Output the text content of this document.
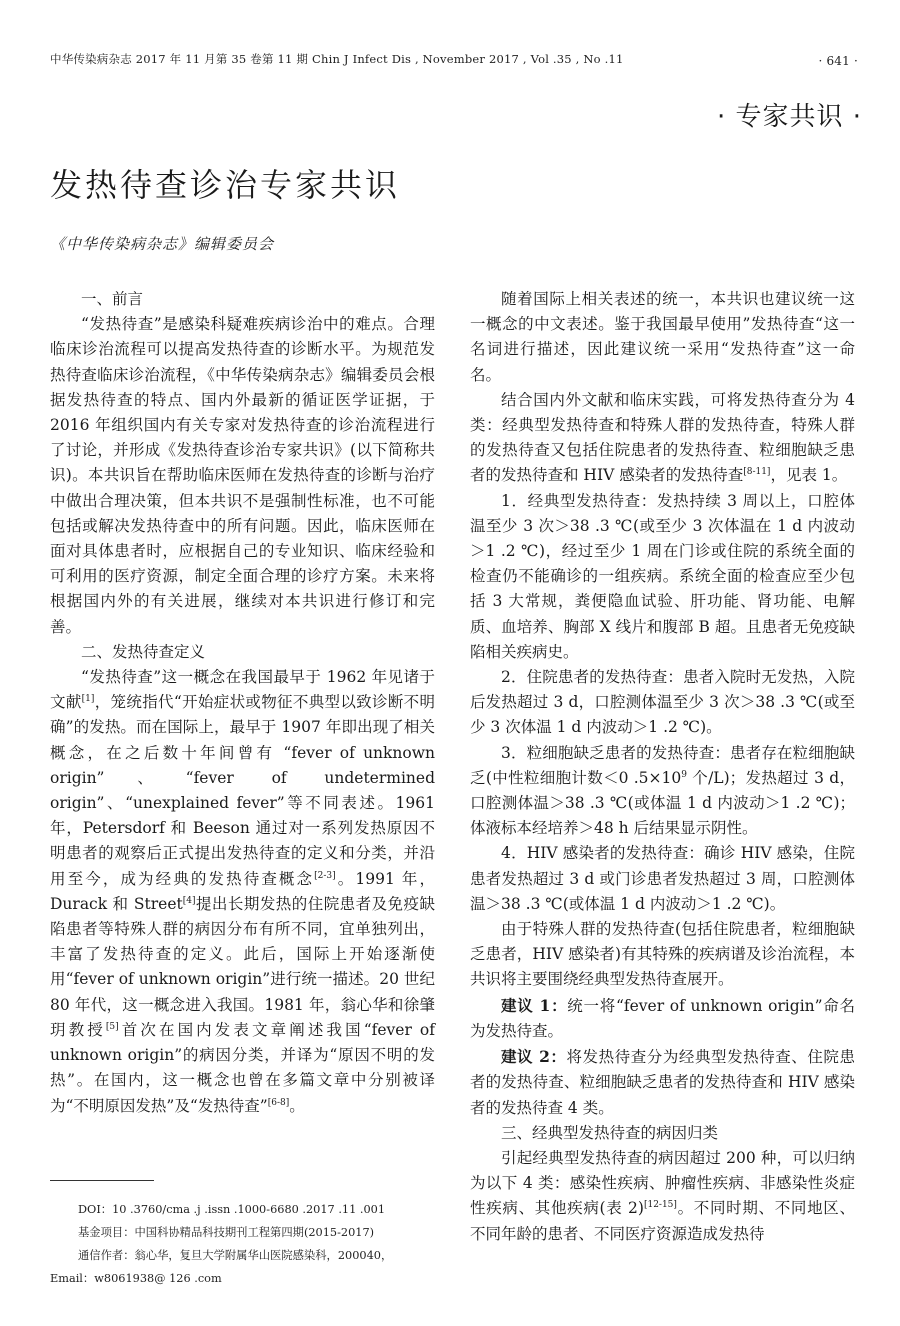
中华传染病杂志 2017 年 11 月第 35 卷第 11 期 Chin J Infect Dis , November 2017 , Vol .35 , No .11	· 641 ·
· 专家共识 ·
发热待查诊治专家共识
《中华传染病杂志》编辑委员会

一、前言

“发热待查”是感染科疑难疾病诊治中的难点。合理临床诊治流程可以提高发热待查的诊断水平。为规范发热待查临床诊治流程，《中华传染病杂志》编辑委员会根据发热待查的特点、国内外最新的循证医学证据，于 2016 年组织国内有关专家对发热待查的诊治流程进行了讨论，并形成《发热待查诊治专家共识》(以下简称共识)。本共识旨在帮助临床医师在发热待查的诊断与治疗中做出合理决策，但本共识不是强制性标准，也不可能包括或解决发热待查中的所有问题。因此，临床医师在面对具体患者时，应根据自己的专业知识、临床经验和可利用的医疗资源，制定全面合理的诊疗方案。未来将根据国内外的有关进展，继续对本共识进行修订和完善。

二、发热待查定义

“发热待查”这一概念在我国最早于 1962 年见诸于文献[1]，笼统指代“开始症状或物征不典型以致诊断不明确”的发热。而在国际上，最早于 1907 年即出现了相关概念，在之后数十年间曾有 “fever of unknown origin”、“fever of undetermined origin”、“unexplained fever”等不同表述。1961 年，Petersdorf 和 Beeson 通过对一系列发热原因不明患者的观察后正式提出发热待查的定义和分类，并沿用至今，成为经典的发热待查概念[2-3]。1991 年，Durack 和 Street[4]提出长期发热的住院患者及免疫缺陷患者等特殊人群的病因分布有所不同，宜单独列出，丰富了发热待查的定义。此后，国际上开始逐渐使用“fever of unknown origin”进行统一描述。20 世纪 80 年代，这一概念进入我国。1981 年，翁心华和徐肇玥教授[5]首次在国内发表文章阐述我国“fever of unknown origin”的病因分类，并译为“原因不明的发热”。在国内，这一概念也曾在多篇文章中分别被译为“不明原因发热”及“发热待查”[6-8]。

随着国际上相关表述的统一，本共识也建议统一这一概念的中文表述。鉴于我国最早使用”发热待查“这一名词进行描述，因此建议统一采用“发热待查”这一命名。

结合国内外文献和临床实践，可将发热待查分为 4 类：经典型发热待查和特殊人群的发热待查，特殊人群的发热待查又包括住院患者的发热待查、粒细胞缺乏患者的发热待查和 HIV 感染者的发热待查[8-11]，见表 1。

1．经典型发热待查：发热持续 3 周以上，口腔体温至少 3 次＞38 .3 ℃(或至少 3 次体温在 1 d 内波动＞1 .2 ℃)，经过至少 1 周在门诊或住院的系统全面的检查仍不能确诊的一组疾病。系统全面的检查应至少包括 3 大常规，粪便隐血试验、肝功能、肾功能、电解质、血培养、胸部 X 线片和腹部 B 超。且患者无免疫缺陷相关疾病史。

2．住院患者的发热待查：患者入院时无发热，入院后发热超过 3 d，口腔测体温至少 3 次＞38 .3 ℃(或至少 3 次体温 1 d 内波动＞1 .2 ℃)。

3．粒细胞缺乏患者的发热待查：患者存在粒细胞缺乏(中性粒细胞计数＜0 $.5\times 10^9$ 个/L)；发热超过 3 d，口腔测体温＞38 .3 ℃(或体温 1 d 内波动＞1 .2 ℃)；体液标本经培养＞48 h 后结果显示阴性。

4．HIV 感染者的发热待查：确诊 HIV 感染，住院患者发热超过 3 d 或门诊患者发热超过 3 周，口腔测体温＞38 .3 ℃(或体温 1 d 内波动＞1 .2 ℃)。

由于特殊人群的发热待查(包括住院患者，粒细胞缺乏患者，HIV 感染者)有其特殊的疾病谱及诊治流程，本共识将主要围绕经典型发热待查展开。

建议 1：统一将“fever of unknown origin”命名为发热待查。

建议 2：将发热待查分为经典型发热待查、住院患者的发热待查、粒细胞缺乏患者的发热待查和 HIV 感染者的发热待查 4 类。

三、经典型发热待查的病因归类

引起经典型发热待查的病因超过 200 种，可以归纳为以下 4 类：感染性疾病、肿瘤性疾病、非感染性炎症性疾病、其他疾病(表 2)[12-15]。不同时期、不同地区、不同年龄的患者、不同医疗资源造成发热待

DOI：10 .3760/cma .j .issn .1000-6680 .2017 .11 .001
基金项目：中国科协精品科技期刊工程第四期(2015-2017)
通信作者：翁心华，复旦大学附属华山医院感染科，200040，
Email：w8061938@ 126 .com
